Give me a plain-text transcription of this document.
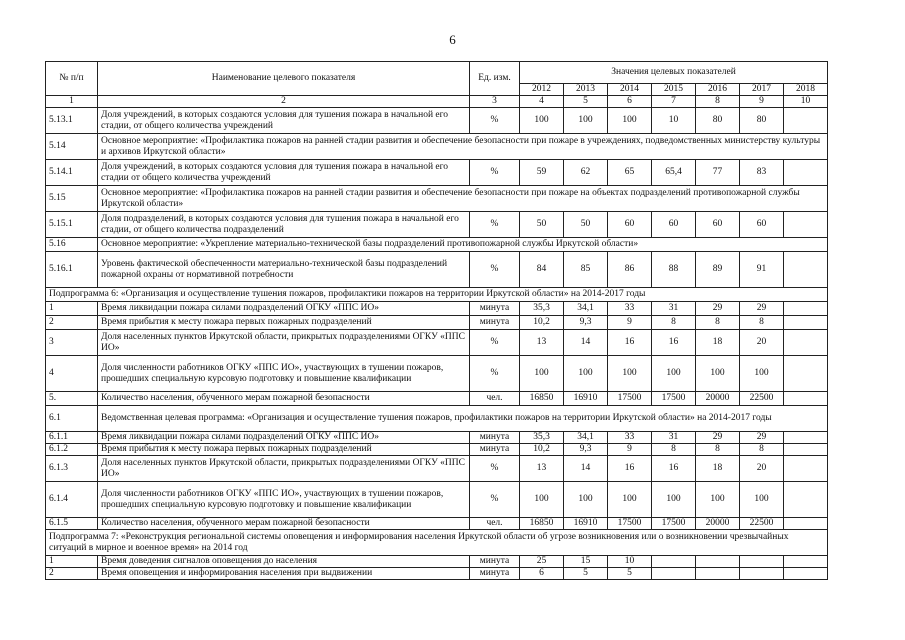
6
№ п/п	Наименование целевого показателя	Ед. изм.	Значения целевых показателей						
			2012	2013	2014	2015	2016	2017	2018
1	2	3	4	5	6	7	8	9	10
5.13.1	Доля учреждений, в которых создаются условия для тушения пожара в начальной его стадии, от общего количества учреждений	%	100	100	100	10	80	80	
5.14	Основное мероприятие: «Профилактика пожаров на ранней стадии развития и обеспечение безопасности при пожаре в учреждениях, подведомственных министерству культуры и архивов Иркутской области»								
5.14.1	Доля учреждений, в которых создаются условия для тушения пожара в начальной его стадии от общего количества учреждений	%	59	62	65	65,4	77	83	
5.15	Основное мероприятие: «Профилактика пожаров на ранней стадии развития и обеспечение безопасности при пожаре на объектах подразделений противопожарной службы Иркутской области»								
5.15.1	Доля подразделений, в которых создаются условия для тушения пожара в начальной его стадии, от общего количества подразделений	%	50	50	60	60	60	60	
5.16	Основное мероприятие: «Укрепление материально-технической базы подразделений противопожарной службы Иркутской области»								
5.16.1	Уровень фактической обеспеченности материально-технической базы подразделений пожарной охраны от нормативной потребности	%	84	85	86	88	89	91	
Подпрограмма 6: «Организация и осуществление тушения пожаров, профилактики пожаров на территории Иркутской области» на 2014-2017 годы									
1	Время ликвидации пожара силами подразделений ОГКУ «ППС ИО»	минута	35,3	34,1	33	31	29	29	
2	Время прибытия к месту пожара первых пожарных подразделений	минута	10,2	9,3	9	8	8	8	
3	Доля населенных пунктов Иркутской области, прикрытых подразделениями ОГКУ «ППС ИО»	%	13	14	16	16	18	20	
4	Доля численности работников ОГКУ «ППС ИО», участвующих в тушении пожаров, прошедших специальную курсовую подготовку и повышение квалификации	%	100	100	100	100	100	100	
5.	Количество населения, обученного мерам пожарной безопасности	чел.	16850	16910	17500	17500	20000	22500	
6.1	Ведомственная целевая программа: «Организация и осуществление тушения пожаров, профилактики пожаров на территории Иркутской области» на 2014-2017 годы								
6.1.1	Время ликвидации пожара силами подразделений ОГКУ «ППС ИО»	минута	35,3	34,1	33	31	29	29	
6.1.2	Время прибытия к месту пожара первых пожарных подразделений	минута	10,2	9,3	9	8	8	8	
6.1.3	Доля населенных пунктов Иркутской области, прикрытых подразделениями ОГКУ «ППС ИО»	%	13	14	16	16	18	20	
6.1.4	Доля численности работников ОГКУ «ППС ИО», участвующих в тушении пожаров, прошедших специальную курсовую подготовку и повышение квалификации	%	100	100	100	100	100	100	
6.1.5	Количество населения, обученного мерам пожарной безопасности	чел.	16850	16910	17500	17500	20000	22500	
Подпрограмма 7: «Реконструкция региональной системы оповещения и информирования населения Иркутской области об угрозе возникновения или о возникновении чрезвычайных ситуаций в мирное и военное время» на 2014 год									
1	Время доведения сигналов оповещения до населения	минута	25	15	10				
2	Время оповещения и информирования населения при выдвижении	минута	6	5	5				
